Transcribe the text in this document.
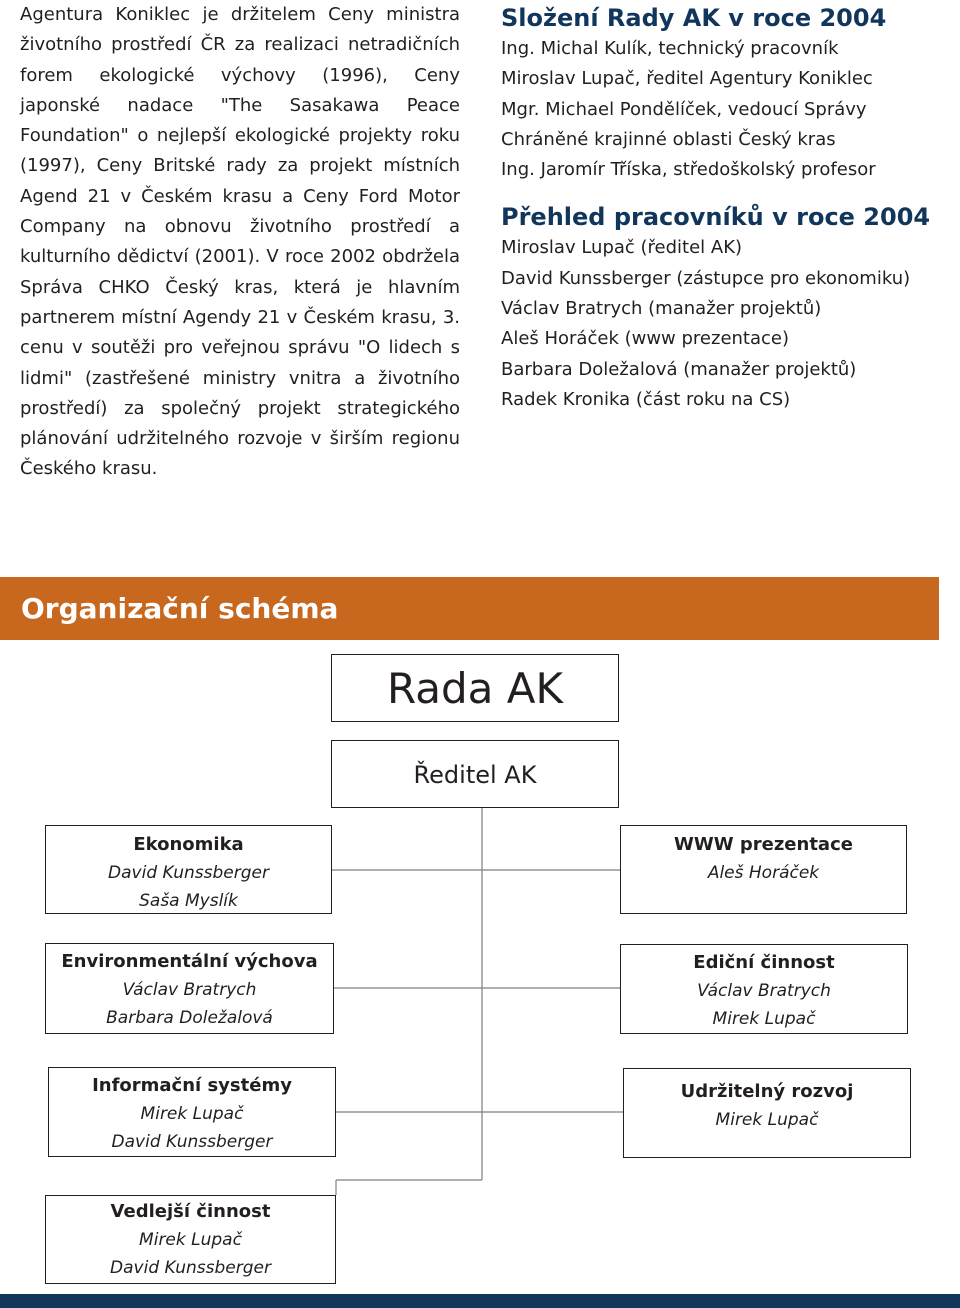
Agentura Koniklec je držitelem Ceny ministra životního prostředí ČR za realizaci netradičních forem ekologické výchovy (1996), Ceny japonské nadace "The Sasakawa Peace Foundation" o nejlepší ekologické projekty roku (1997), Ceny Britské rady za projekt místních Agend 21 v Českém krasu a Ceny Ford Motor Company na obnovu životního prostředí a kulturního dědictví (2001). V roce 2002 obdržela Správa CHKO Český kras, která je hlavním partnerem místní Agendy 21 v Českém krasu, 3. cenu v soutěži pro veřejnou správu "O lidech s lidmi" (zastřešené ministry vnitra a životního prostředí) za společný projekt strategického plánování udržitelného rozvoje v širším regionu Českého krasu.

Složení Rady AK v roce 2004
Ing. Michal Kulík, technický pracovník
Miroslav Lupač, ředitel Agentury Koniklec
Mgr. Michael Pondělíček, vedoucí Správy Chráněné krajinné oblasti Český kras
Ing. Jaromír Tříska, středoškolský profesor
Přehled pracovníků v roce 2004
Miroslav Lupač (ředitel AK)
David Kunssberger (zástupce pro ekonomiku)
Václav Bratrych (manažer projektů)
Aleš Horáček (www prezentace)
Barbara Doležalová (manažer projektů)
Radek Kronika (část roku na CS)
Organizační schéma
Rada AK
Ředitel AK
Ekonomika
David Kunssberger
Saša Myslík
WWW prezentace
Aleš Horáček
Environmentální výchova
Václav Bratrych
Barbara Doležalová
Ediční činnost
Václav Bratrych
Mirek Lupač
Informační systémy
Mirek Lupač
David Kunssberger
Udržitelný rozvoj
Mirek Lupač
Vedlejší činnost
Mirek Lupač
David Kunssberger
